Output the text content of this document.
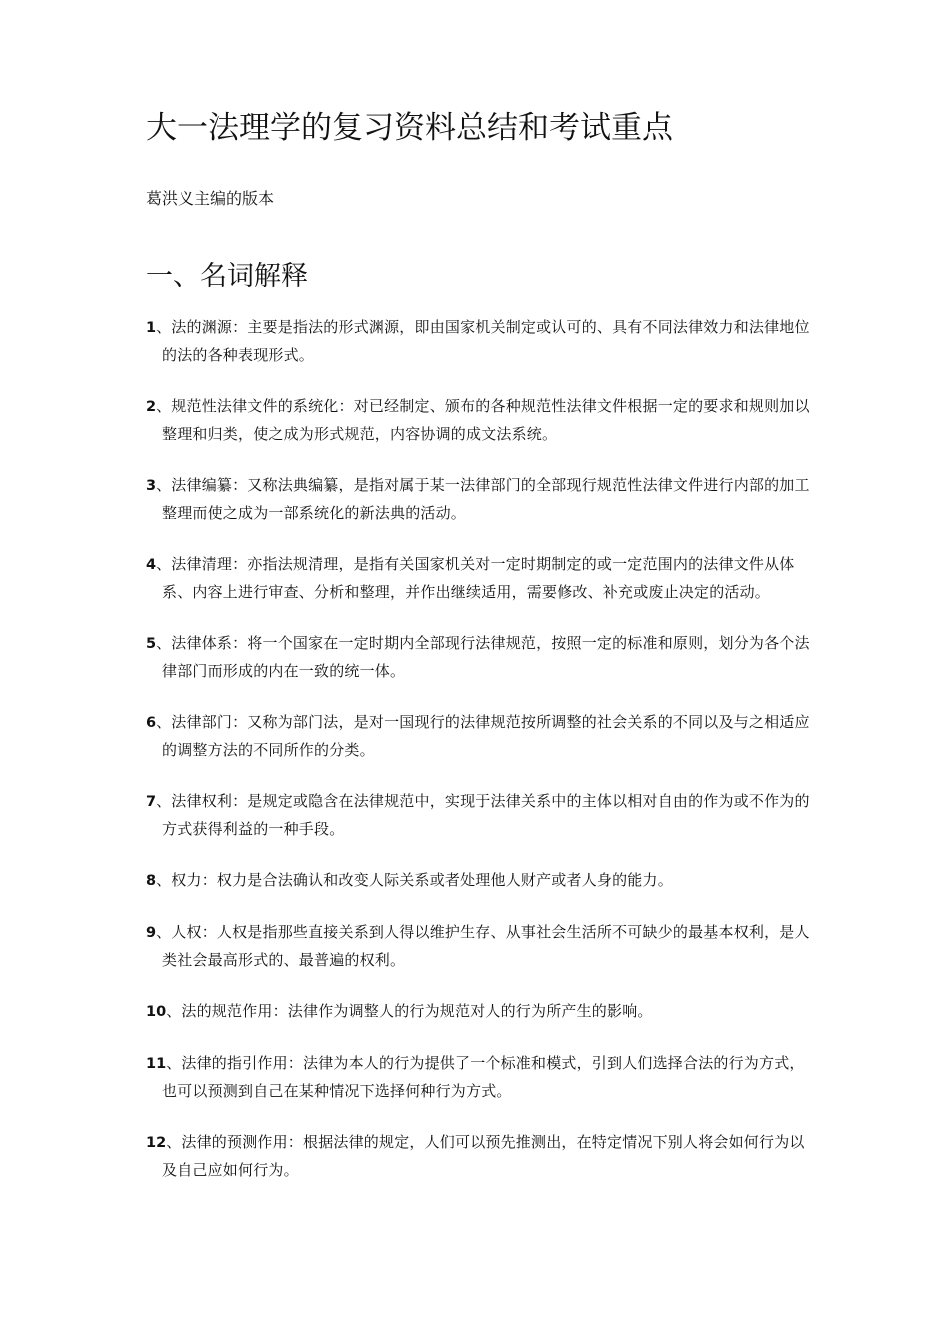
大一法理学的复习资料总结和考试重点
葛洪义主编的版本
一、名词解释
1、法的渊源：主要是指法的形式渊源，即由国家机关制定或认可的、具有不同法律效力和法律地位的法的各种表现形式。
2、规范性法律文件的系统化：对已经制定、颁布的各种规范性法律文件根据一定的要求和规则加以整理和归类，使之成为形式规范，内容协调的成文法系统。
3、法律编纂：又称法典编纂，是指对属于某一法律部门的全部现行规范性法律文件进行内部的加工整理而使之成为一部系统化的新法典的活动。
4、法律清理：亦指法规清理，是指有关国家机关对一定时期制定的或一定范围内的法律文件从体系、内容上进行审查、分析和整理，并作出继续适用，需要修改、补充或废止决定的活动。
5、法律体系：将一个国家在一定时期内全部现行法律规范，按照一定的标准和原则，划分为各个法律部门而形成的内在一致的统一体。
6、法律部门：又称为部门法，是对一国现行的法律规范按所调整的社会关系的不同以及与之相适应的调整方法的不同所作的分类。
7、法律权利：是规定或隐含在法律规范中，实现于法律关系中的主体以相对自由的作为或不作为的方式获得利益的一种手段。
8、权力：权力是合法确认和改变人际关系或者处理他人财产或者人身的能力。
9、人权：人权是指那些直接关系到人得以维护生存、从事社会生活所不可缺少的最基本权利，是人类社会最高形式的、最普遍的权利。
10、法的规范作用：法律作为调整人的行为规范对人的行为所产生的影响。
11、法律的指引作用：法律为本人的行为提供了一个标准和模式，引到人们选择合法的行为方式，也可以预测到自己在某种情况下选择何种行为方式。
12、法律的预测作用：根据法律的规定，人们可以预先推测出，在特定情况下别人将会如何行为以及自己应如何行为。
